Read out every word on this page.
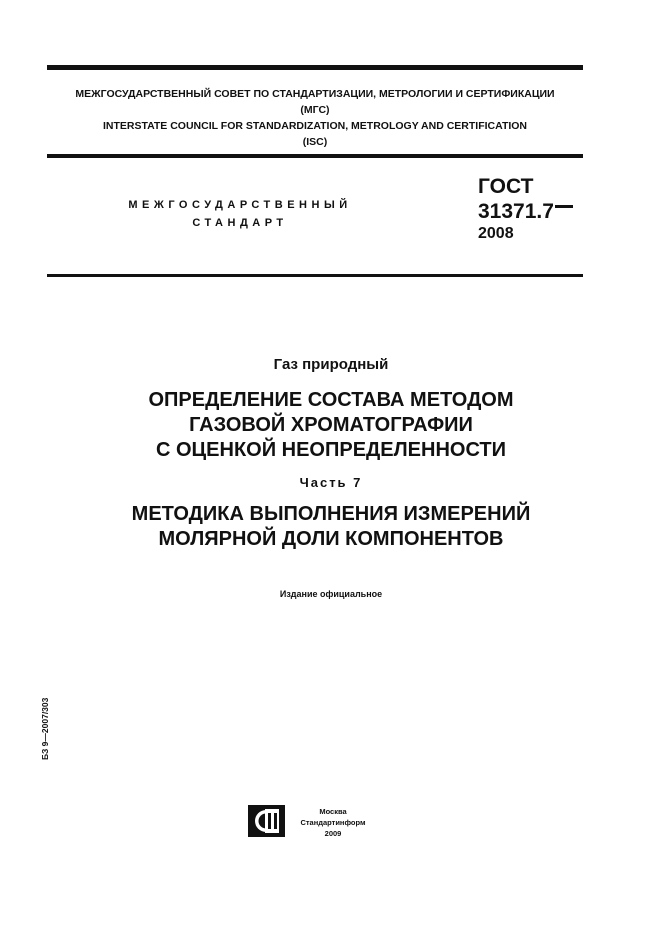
МЕЖГОСУДАРСТВЕННЫЙ СОВЕТ ПО СТАНДАРТИЗАЦИИ, МЕТРОЛОГИИ И СЕРТИФИКАЦИИ
(МГС)
INTERSTATE COUNCIL FOR STANDARDIZATION, METROLOGY AND CERTIFICATION
(ISC)
МЕЖГОСУДАРСТВЕННЫЙ
СТАНДАРТ
ГОСТ
31371.7
2008
Газ природный
ОПРЕДЕЛЕНИЕ СОСТАВА МЕТОДОМ
ГАЗОВОЙ ХРОМАТОГРАФИИ
С ОЦЕНКОЙ НЕОПРЕДЕЛЕННОСТИ
Часть 7
МЕТОДИКА ВЫПОЛНЕНИЯ ИЗМЕРЕНИЙ
МОЛЯРНОЙ ДОЛИ КОМПОНЕНТОВ
Издание официальное
БЗ 9—2007/303
Москва
Стандартинформ
2009
